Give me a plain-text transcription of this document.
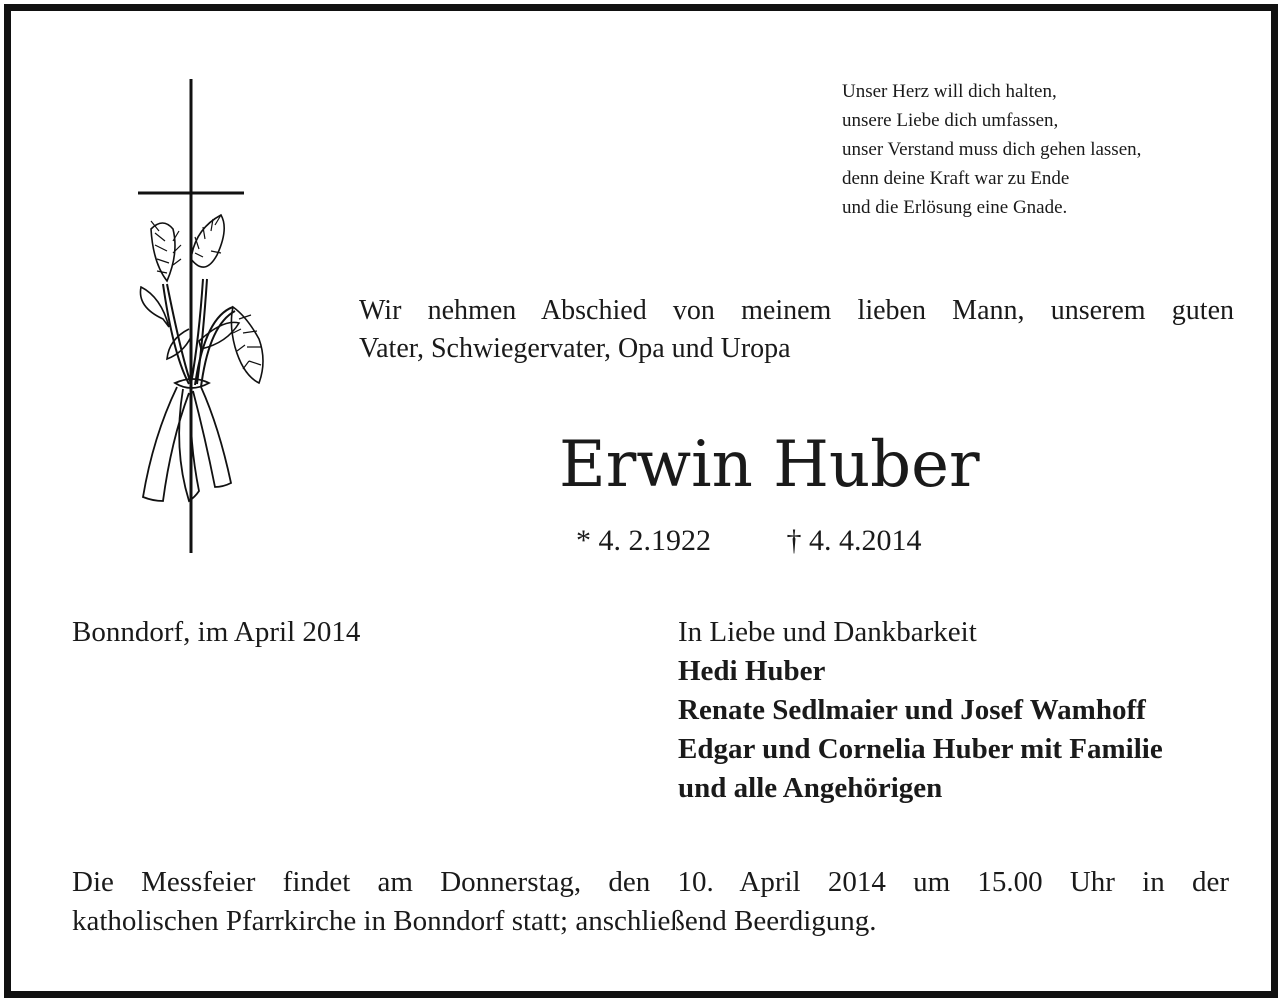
Unser Herz will dich halten,
unsere Liebe dich umfassen,
unser Verstand muss dich gehen lassen,
denn deine Kraft war zu Ende
und die Erlösung eine Gnade.
Wir nehmen Abschied von meinem lieben Mann, unserem guten
Vater, Schwiegervater, Opa und Uropa
Erwin Huber
* 4. 2.1922	† 4. 4.2014
Bonndorf, im April 2014	In Liebe und Dankbarkeit
Hedi Huber
Renate Sedlmaier und Josef Wamhoff
Edgar und Cornelia Huber mit Familie
und alle Angehörigen
Die Messfeier findet am Donnerstag, den 10. April 2014 um 15.00 Uhr in der
katholischen Pfarrkirche in Bonndorf statt; anschließend Beerdigung.
